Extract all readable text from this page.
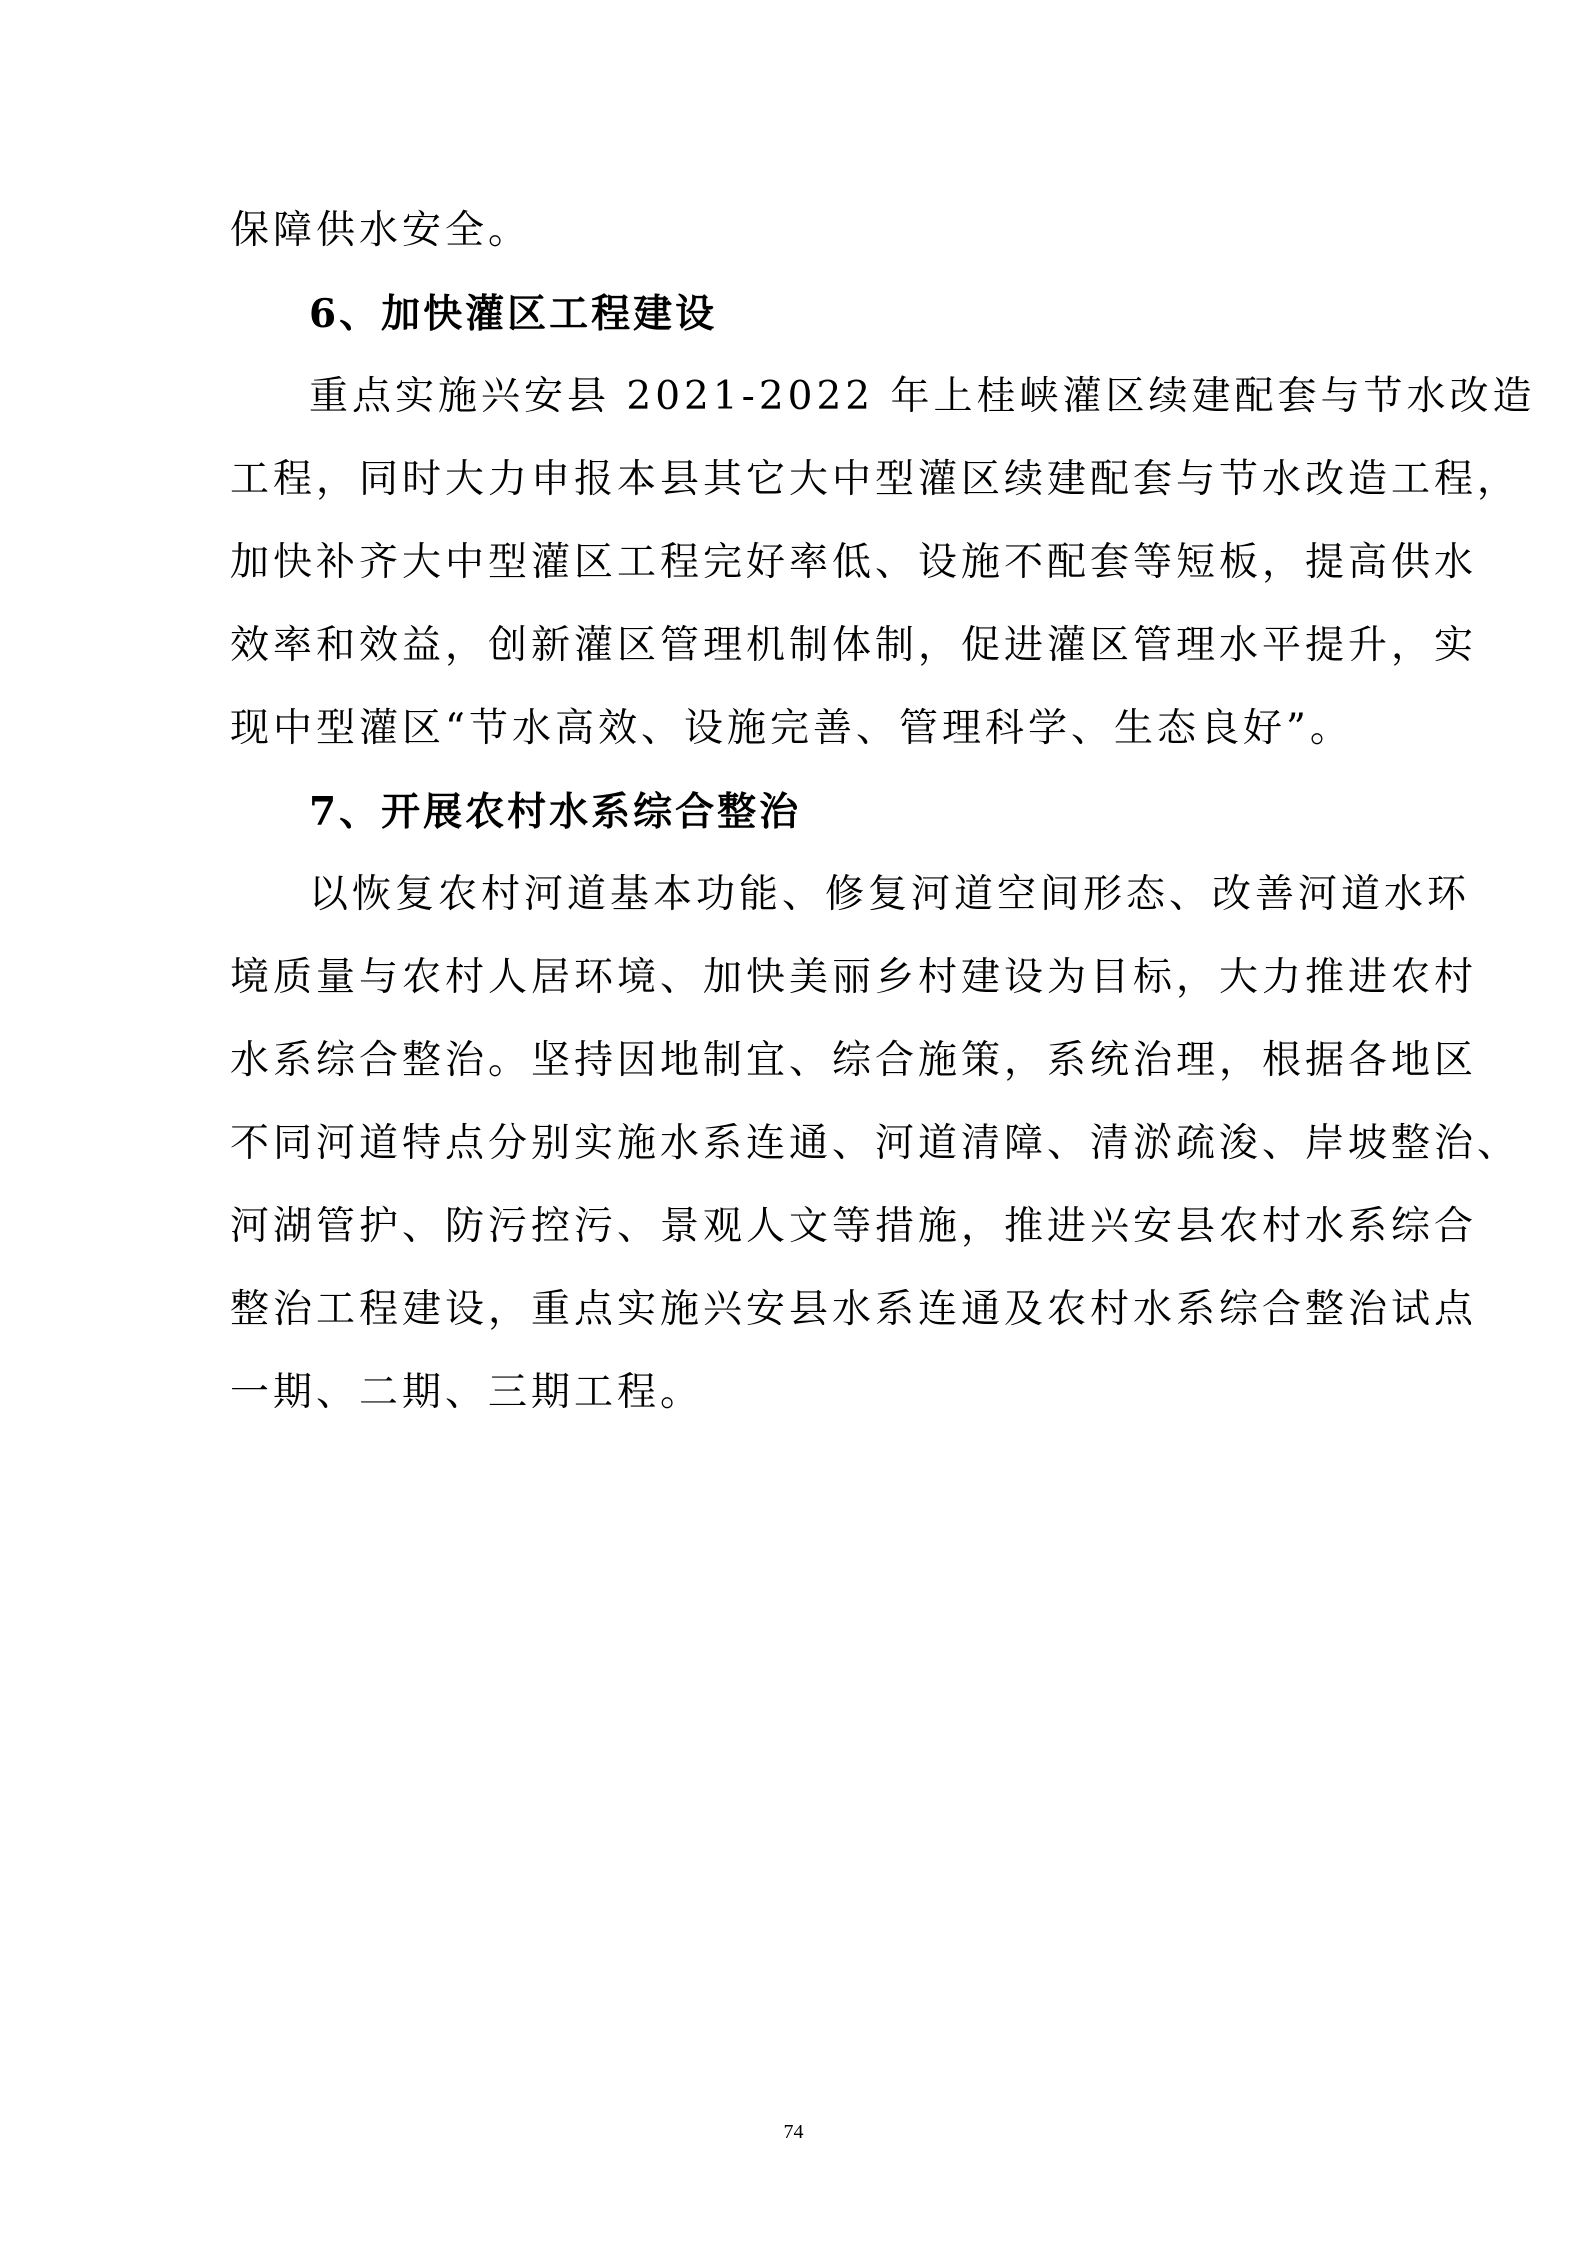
保障供水安全。
6、加快灌区工程建设
重点实施兴安县 2021-2022 年上桂峡灌区续建配套与节水改造
工程，同时大力申报本县其它大中型灌区续建配套与节水改造工程，
加快补齐大中型灌区工程完好率低、设施不配套等短板，提高供水
效率和效益，创新灌区管理机制体制，促进灌区管理水平提升，实
现中型灌区“节水高效、设施完善、管理科学、生态良好”。
7、开展农村水系综合整治
以恢复农村河道基本功能、修复河道空间形态、改善河道水环
境质量与农村人居环境、加快美丽乡村建设为目标，大力推进农村
水系综合整治。坚持因地制宜、综合施策，系统治理，根据各地区
不同河道特点分别实施水系连通、河道清障、清淤疏浚、岸坡整治、
河湖管护、防污控污、景观人文等措施，推进兴安县农村水系综合
整治工程建设，重点实施兴安县水系连通及农村水系综合整治试点
一期、二期、三期工程。
74
